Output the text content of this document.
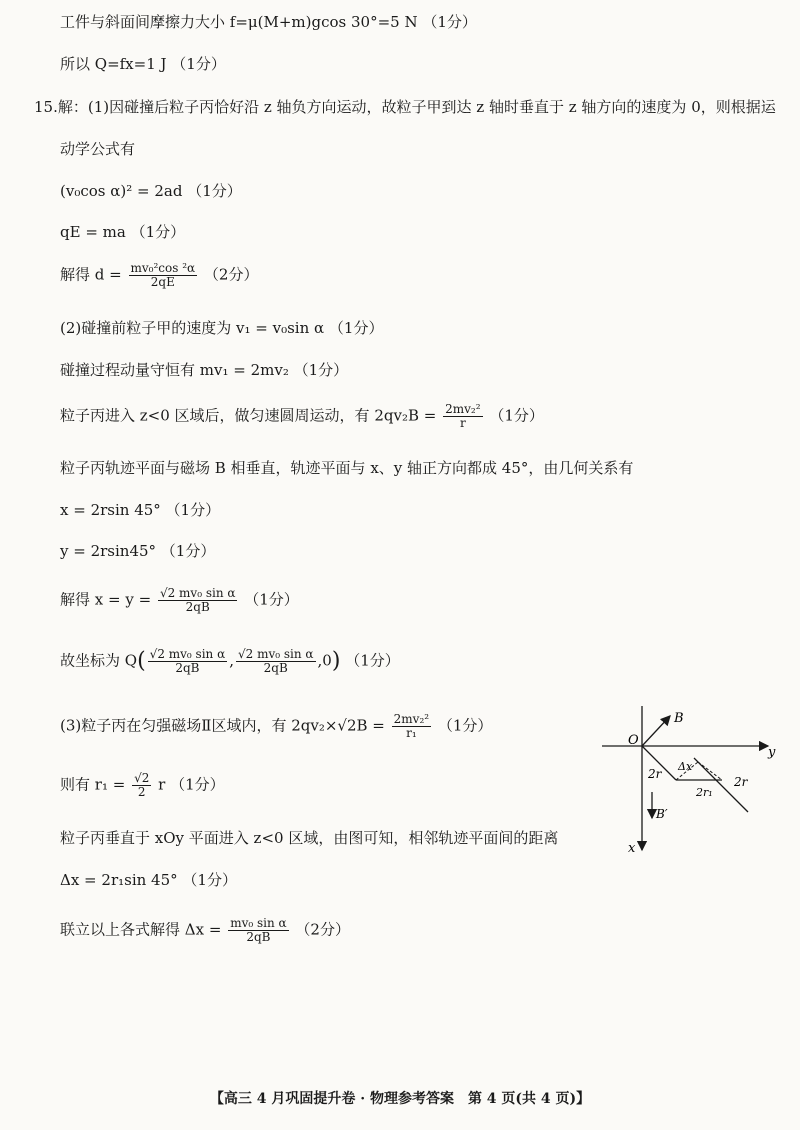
工件与斜面间摩擦力大小 f=μ(M+m)gcos 30°=5 N （1分）
所以 Q=fx=1 J （1分）
15.解：(1)因碰撞后粒子丙恰好沿 z 轴负方向运动，故粒子甲到达 z 轴时垂直于 z 轴方向的速度为 0，则根据运
动学公式有
(v₀cos α)² = 2ad （1分）
qE = ma （1分）
解得 $d = \frac{\text{mv₀²cos ²α}}{2qE} (2$分）
(2)碰撞前粒子甲的速度为 v₁ = v₀sin α （1分）
碰撞过程动量守恒有 mv₁ = 2mv₂ （1分）
粒子丙进入 z<0 区域后，做匀速圆周运动，有 $2qv_2B = \frac{\text{2mv₂²}}{r} (1$分）
粒子丙轨迹平面与磁场 B 相垂直，轨迹平面与 x、y 轴正方向都成 45°，由几何关系有
x = 2rsin 45° （1分）
y = 2rsin45° （1分）
解得 $x = y = \frac{\text{√2 mv₀ sin α}}{2qB} (1$分）
故坐标为 $Q( \frac{\text{√2 mv₀ sin α}}{2qB}$ , $\frac{\text{√2 mv₀ sin α}}{2qB} ,0$) （1分）
(3)粒子丙在匀强磁场Ⅱ区域内，有 $2qv_2\times√2B = \frac{\text{2mv₂²}}{\text{r₁}} (1$分）
则有 $r_1 = \frac{√2}{2}$ r （1分）
粒子丙垂直于 xOy 平面进入 z<0 区域，由图可知，相邻轨迹平面间的距离
Δx = 2r₁sin 45° （1分）
联立以上各式解得 $\Delta x = \frac{\text{mv₀ sin α}}{2qB} (2$分）
O
B
y
x
B′
2r
2r
Δx
2r₁
【高三 4 月巩固提升卷 · 物理参考答案　第 4 页(共 4 页)】
